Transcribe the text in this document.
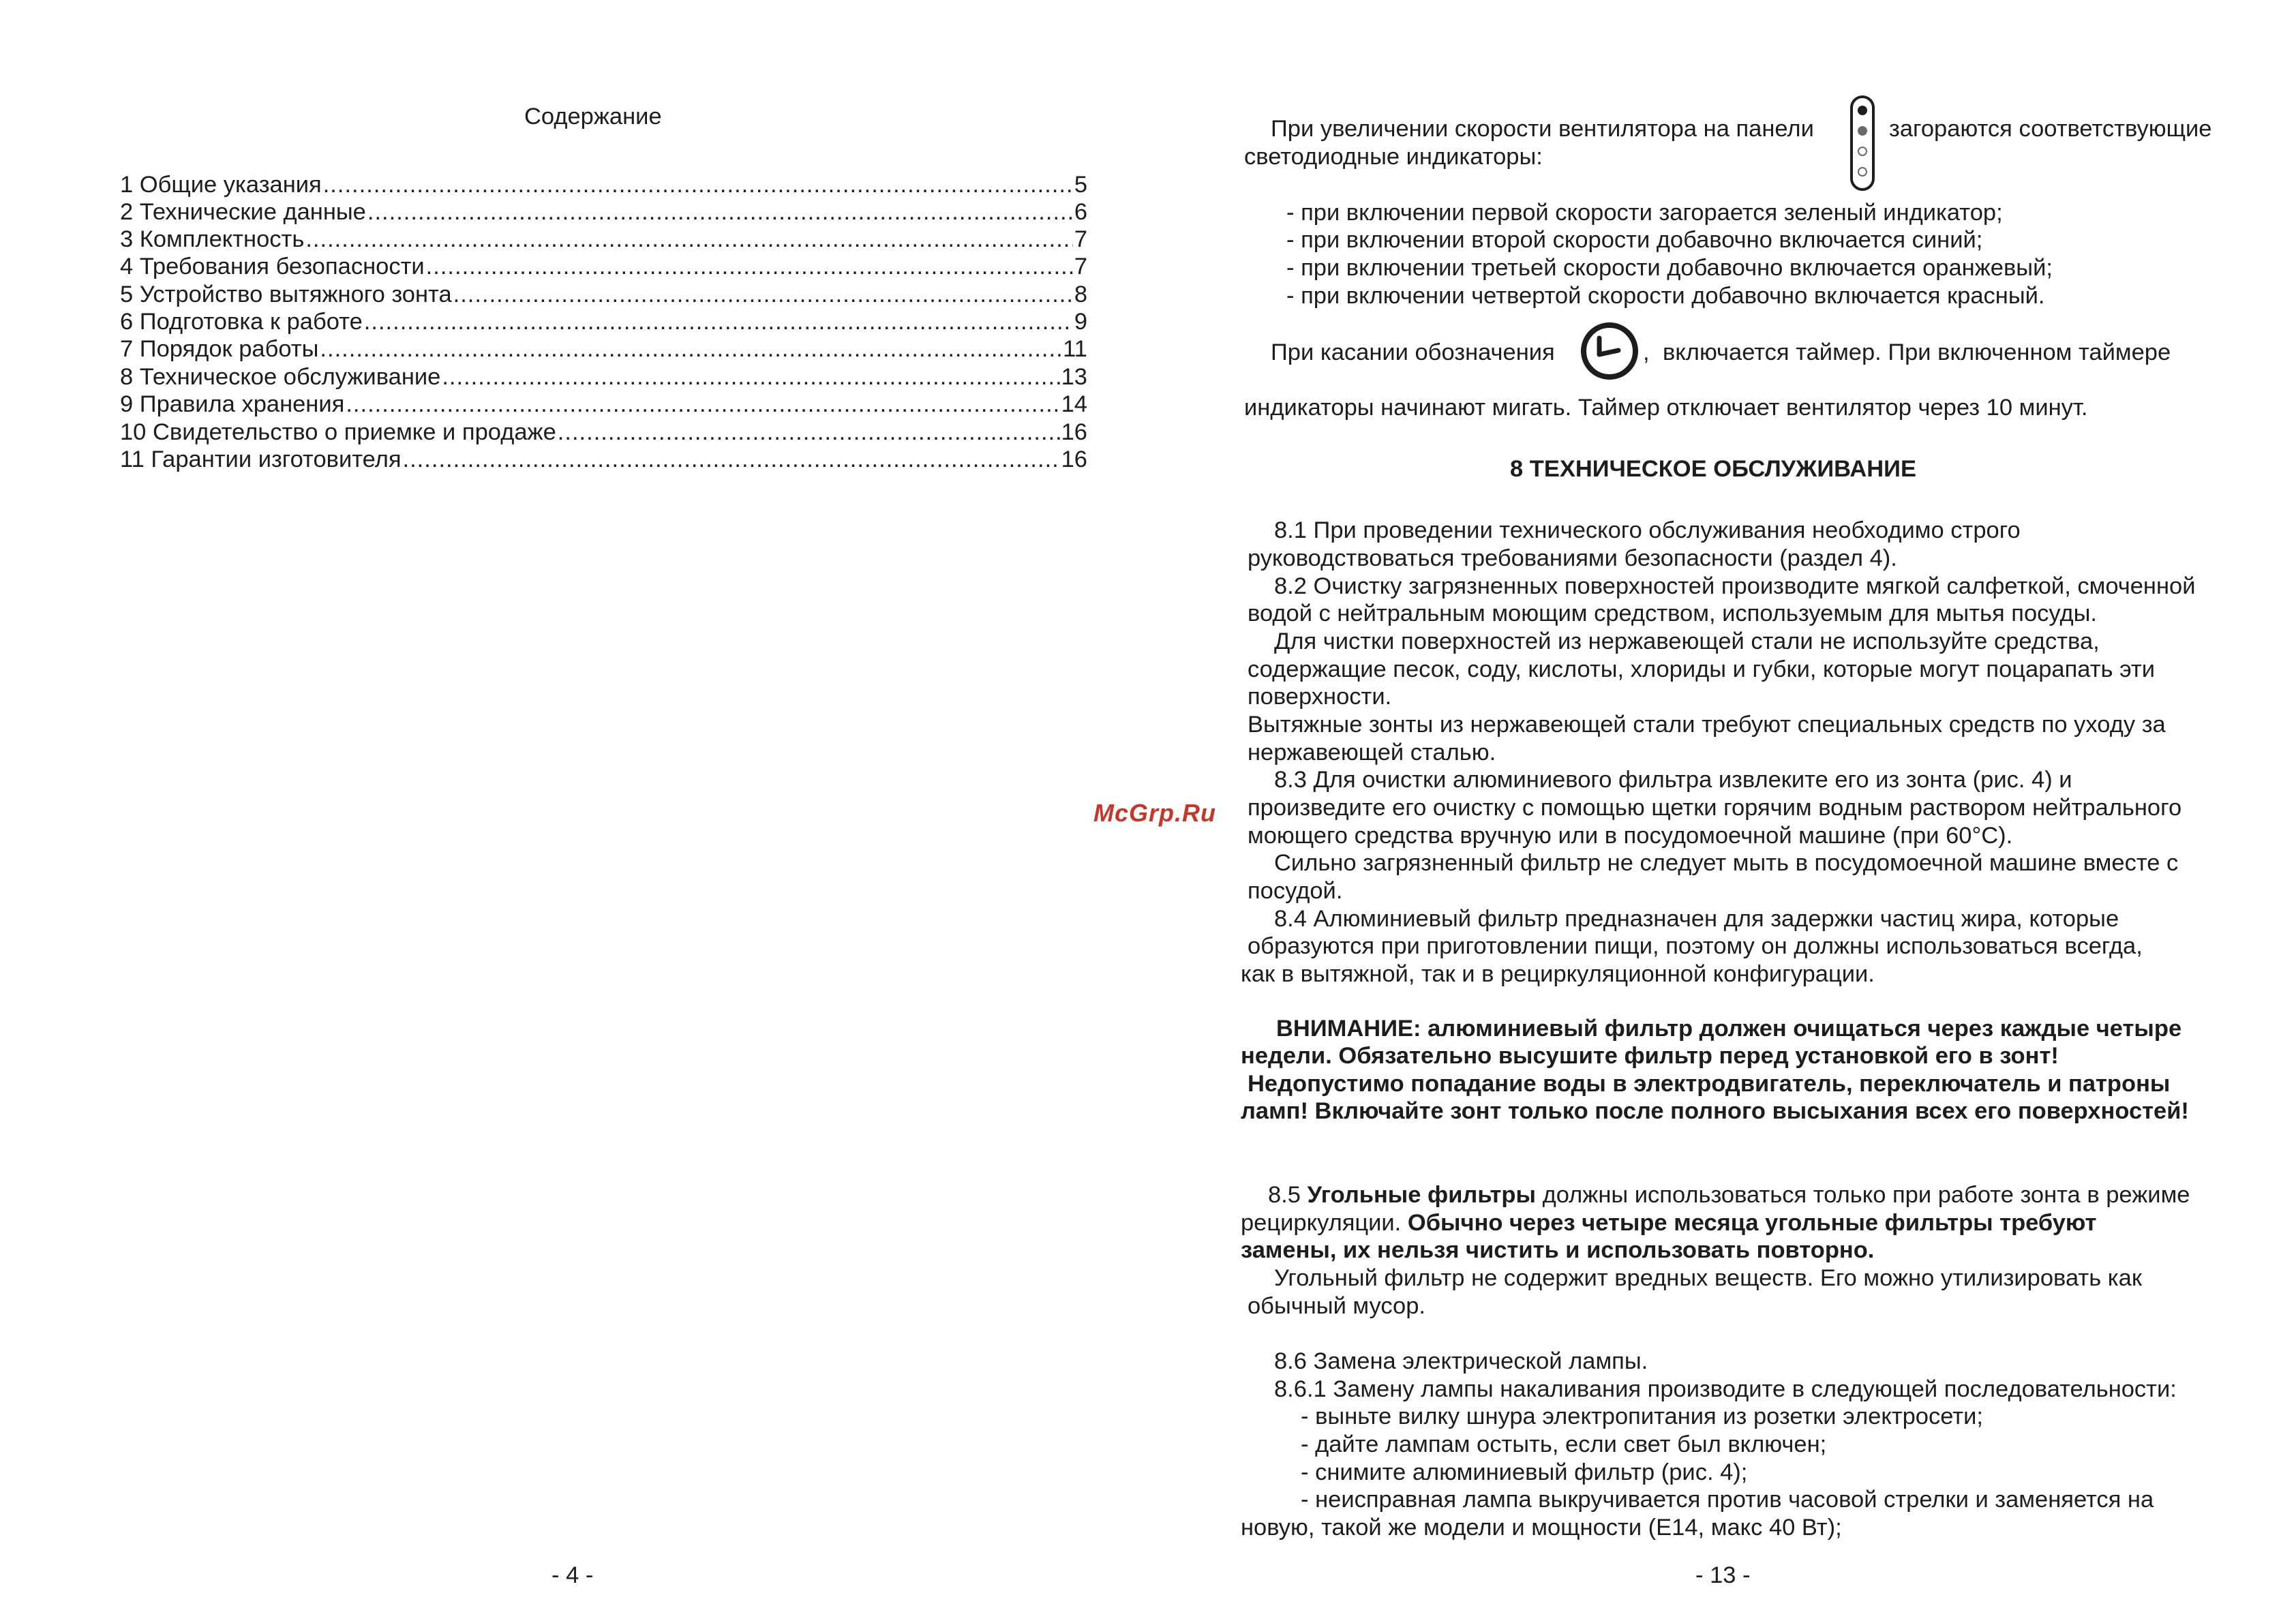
Содержание
1 Общие указания .....	5
2 Технические данные .....	6
3 Комплектность .....	7
4 Требования безопасности .....	7
5 Устройство вытяжного зонта .....	8
6 Подготовка к работе .....	9
7 Порядок работы .....	11
8 Техническое обслуживание .....	13
9 Правила хранения .....	14
10 Свидетельство о приемке и продаже .....	16
11 Гарантии изготовителя .....	16
- 4 -
McGrp.Ru
При увеличении скорости вентилятора на панели	загораются соответствующие
светодиодные индикаторы:
- при включении первой скорости загорается зеленый индикатор;
- при включении второй скорости добавочно включается синий;
- при включении третьей скорости добавочно включается оранжевый;
- при включении четвертой скорости добавочно включается красный.
При касании обозначения	, включается таймер. При включенном таймере
индикаторы начинают мигать. Таймер отключает вентилятор через 10 минут.
8 ТЕХНИЧЕСКОЕ ОБСЛУЖИВАНИЕ
8.1 При проведении технического обслуживания необходимо строго
руководствоваться требованиями безопасности (раздел 4).
8.2 Очистку загрязненных поверхностей производите мягкой салфеткой, смоченной
водой с нейтральным моющим средством, используемым для мытья посуды.
Для чистки поверхностей из нержавеющей стали не используйте средства,
содержащие песок, соду, кислоты, хлориды и губки, которые могут поцарапать эти
поверхности.
Вытяжные зонты из нержавеющей стали требуют специальных средств по уходу за
нержавеющей сталью.
8.3 Для очистки алюминиевого фильтра извлеките его из зонта (рис. 4) и
произведите его очистку с помощью щетки горячим водным раствором нейтрального
моющего средства вручную или в посудомоечной машине (при 60°С).
Сильно загрязненный фильтр не следует мыть в посудомоечной машине вместе с
посудой.
8.4 Алюминиевый фильтр предназначен для задержки частиц жира, которые
образуются при приготовлении пищи, поэтому он должны использоваться всегда,
как в вытяжной, так и в рециркуляционной конфигурации.
ВНИМАНИЕ: алюминиевый фильтр должен очищаться через каждые четыре
недели. Обязательно высушите фильтр перед установкой его в зонт!
Недопустимо попадание воды в электродвигатель, переключатель и патроны
ламп! Включайте зонт только после полного высыхания всех его поверхностей!
8.5 Угольные фильтры должны использоваться только при работе зонта в режиме
рециркуляции. Обычно через четыре месяца угольные фильтры требуют
замены, их нельзя чистить и использовать повторно.
Угольный фильтр не содержит вредных веществ. Его можно утилизировать как
обычный мусор.
8.6 Замена электрической лампы.
8.6.1 Замену лампы накаливания производите в следующей последовательности:
- выньте вилку шнура электропитания из розетки электросети;
- дайте лампам остыть, если свет был включен;
- снимите алюминиевый фильтр (рис. 4);
- неисправная лампа выкручивается против часовой стрелки и заменяется на
новую, такой же модели и мощности (Е14, макс 40 Вт);
- 13 -
